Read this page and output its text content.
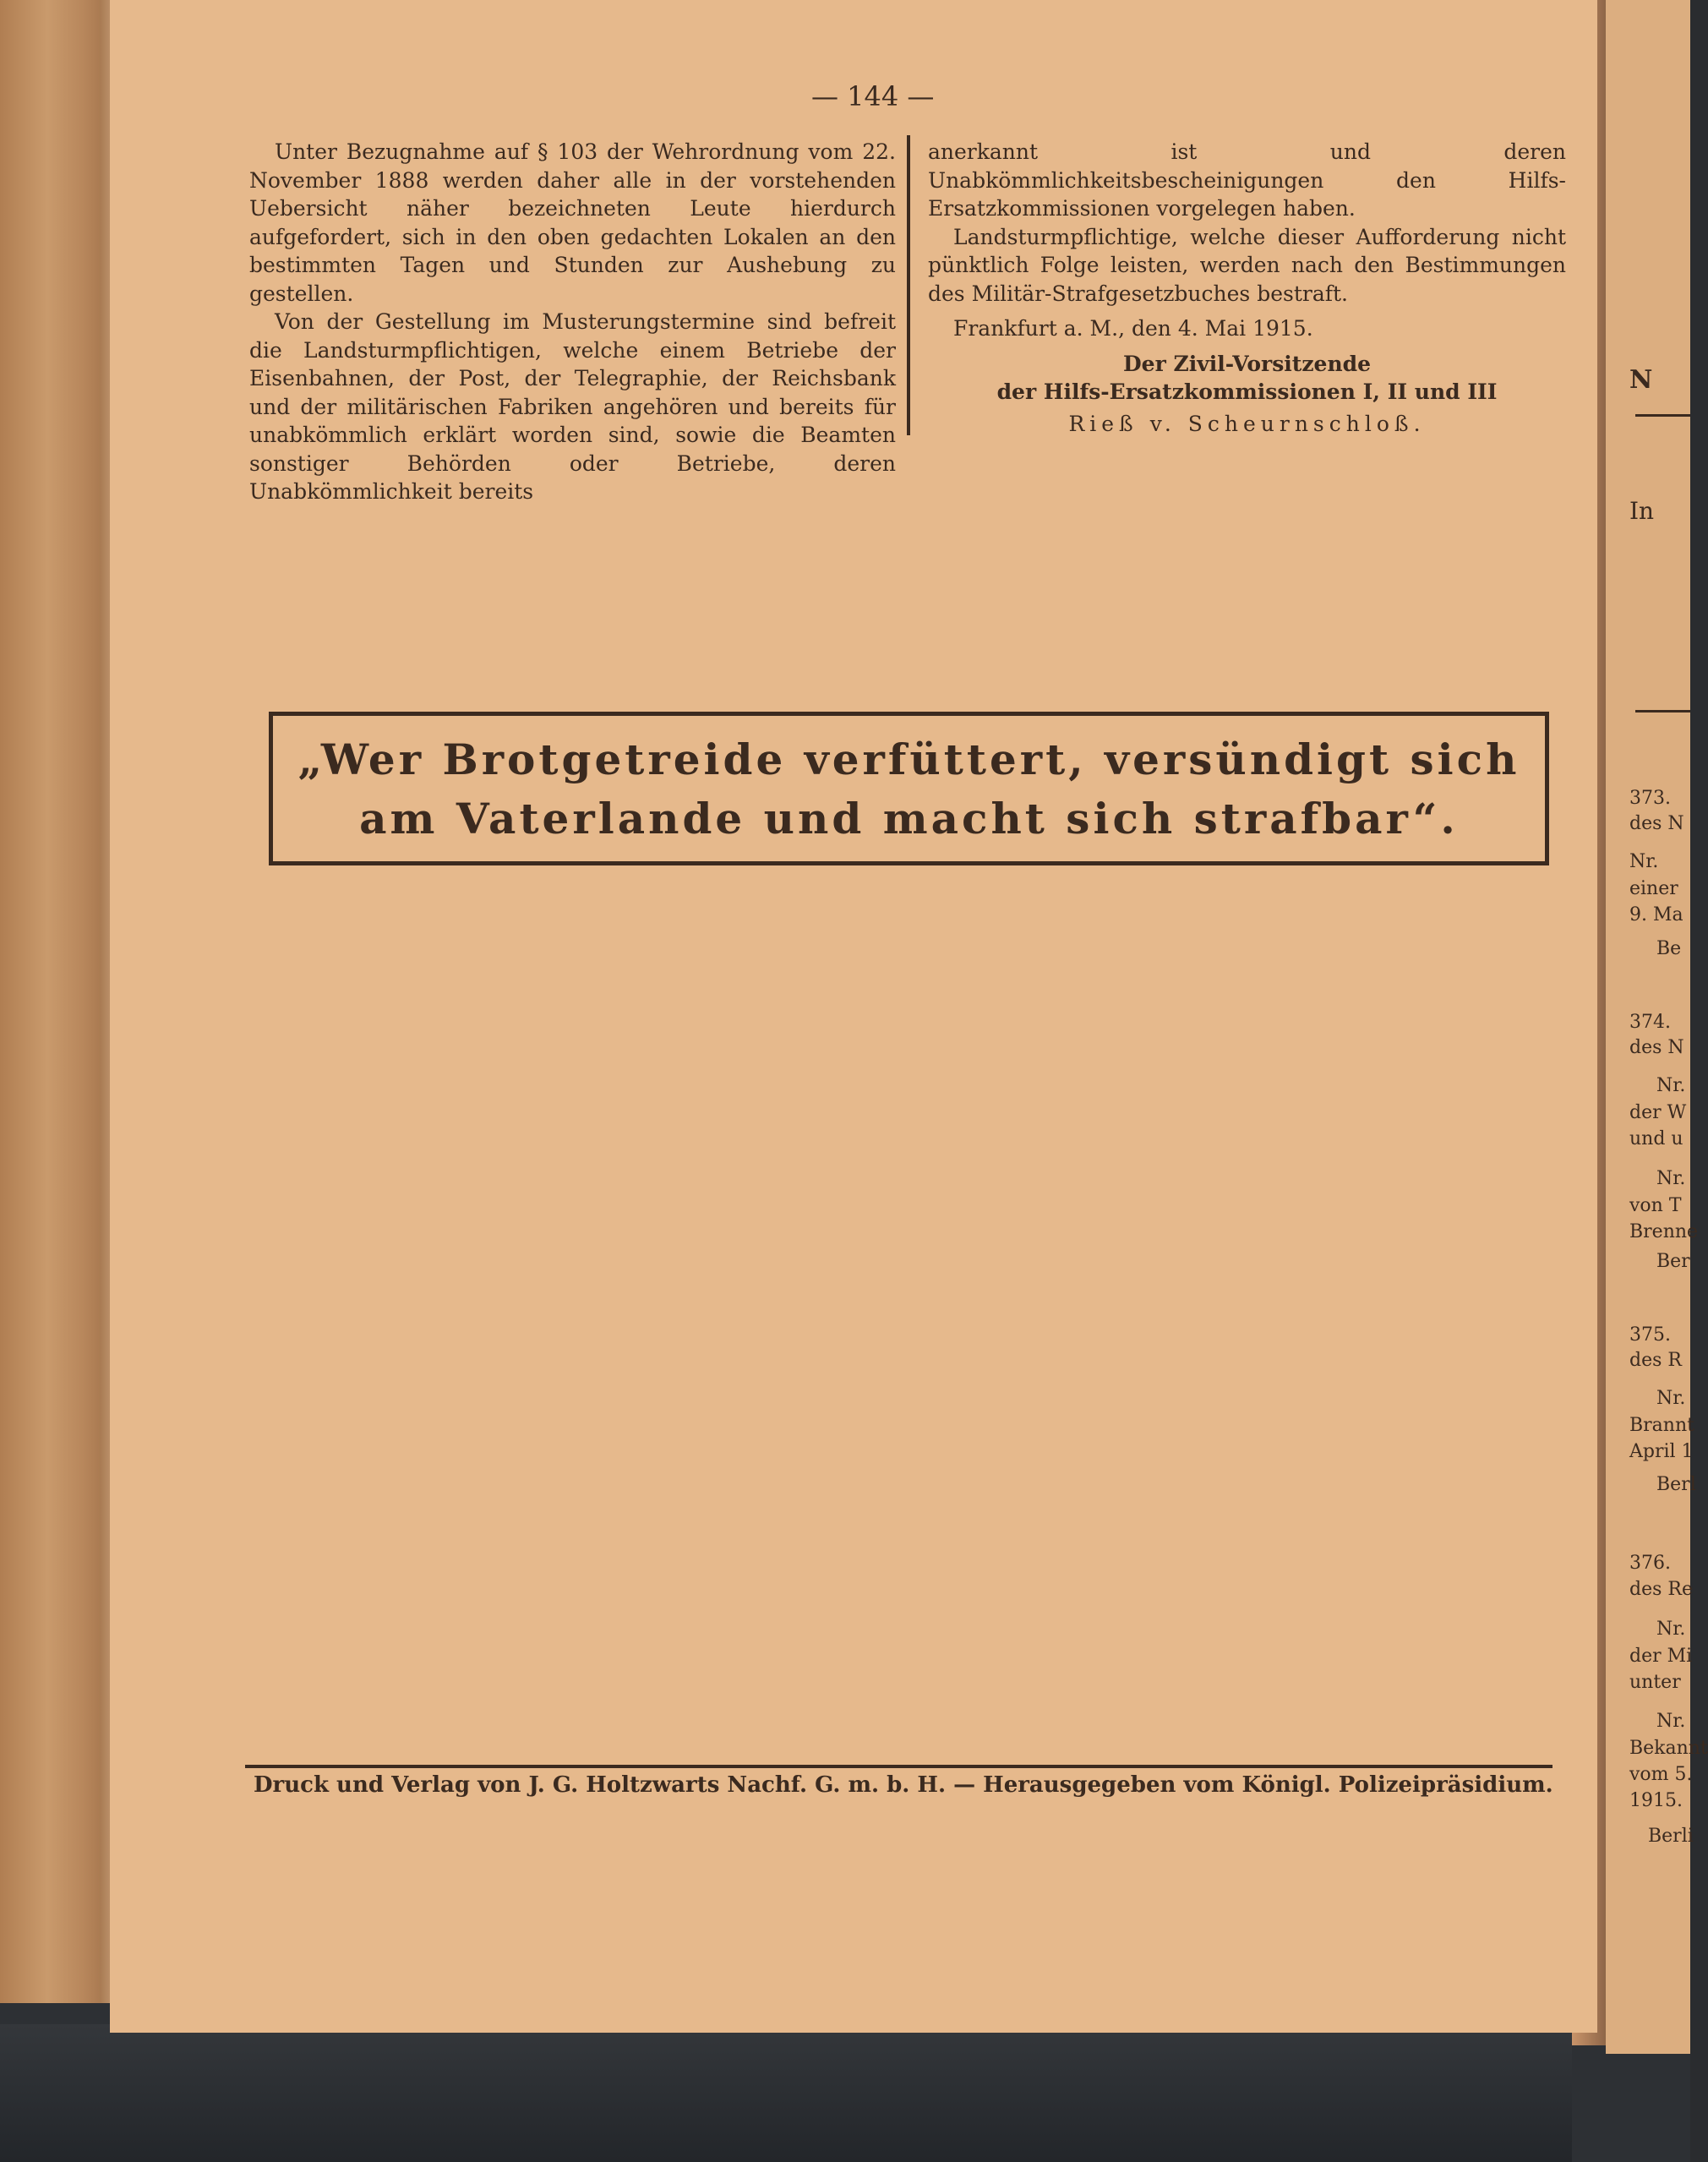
— 144 —

Unter Bezugnahme auf § 103 der Wehrordnung vom 22. November 1888 werden daher alle in der vorstehenden Uebersicht näher bezeichneten Leute hierdurch aufgefordert, sich in den oben gedachten Lokalen an den bestimmten Tagen und Stunden zur Aushebung zu gestellen.

Von der Gestellung im Musterungstermine sind befreit die Landsturmpflichtigen, welche einem Betriebe der Eisenbahnen, der Post, der Telegraphie, der Reichsbank und der militärischen Fabriken angehören und bereits für unabkömmlich erklärt worden sind, sowie die Beamten sonstiger Behörden oder Betriebe, deren Unabkömmlichkeit bereits

anerkannt ist und deren Unabkömmlichkeitsbescheinigungen den Hilfs-Ersatzkommissionen vorgelegen haben.

Landsturmpflichtige, welche dieser Aufforderung nicht pünktlich Folge leisten, werden nach den Bestimmungen des Militär-Strafgesetzbuches bestraft.

Frankfurt a. M., den 4. Mai 1915.
Der Zivil-Vorsitzende
der Hilfs-Ersatzkommissionen I, II und III
Rieß v. Scheurnschloß.
„Wer Brotgetreide verfüttert, versündigt sich
am Vaterlande und macht sich strafbar“.
Druck und Verlag von J. G. Holtzwarts Nachf. G. m. b. H. — Herausgegeben vom Königl. Polizeipräsidium.
N
In
373.
des N
Nr.
einer
9. Ma
Be
374.
des N
Nr.
der W
und u
Nr.
von T
Brenne
Ber
375.
des R
Nr.
Brannt
April 1
Berl
376.
des Re
Nr.
der Mi
unter
Nr.
Bekannt
vom 5.
1915.
Berli
